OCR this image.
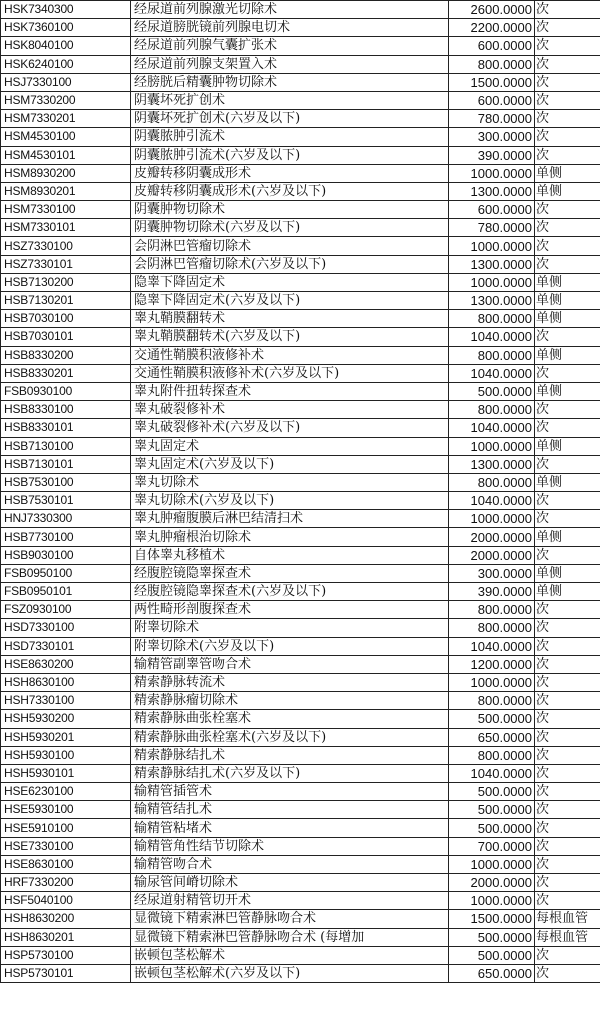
HSK7340300	经尿道前列腺激光切除术	2600.0000	次
HSK7360100	经尿道膀胱镜前列腺电切术	2200.0000	次
HSK8040100	经尿道前列腺气囊扩张术	600.0000	次
HSK6240100	经尿道前列腺支架置入术	800.0000	次
HSJ7330100	经膀胱后精囊肿物切除术	1500.0000	次
HSM7330200	阴囊坏死扩创术	600.0000	次
HSM7330201	阴囊坏死扩创术(六岁及以下)	780.0000	次
HSM4530100	阴囊脓肿引流术	300.0000	次
HSM4530101	阴囊脓肿引流术(六岁及以下)	390.0000	次
HSM8930200	皮瓣转移阴囊成形术	1000.0000	单侧
HSM8930201	皮瓣转移阴囊成形术(六岁及以下)	1300.0000	单侧
HSM7330100	阴囊肿物切除术	600.0000	次
HSM7330101	阴囊肿物切除术(六岁及以下)	780.0000	次
HSZ7330100	会阴淋巴管瘤切除术	1000.0000	次
HSZ7330101	会阴淋巴管瘤切除术(六岁及以下)	1300.0000	次
HSB7130200	隐睾下降固定术	1000.0000	单侧
HSB7130201	隐睾下降固定术(六岁及以下)	1300.0000	单侧
HSB7030100	睾丸鞘膜翻转术	800.0000	单侧
HSB7030101	睾丸鞘膜翻转术(六岁及以下)	1040.0000	次
HSB8330200	交通性鞘膜积液修补术	800.0000	单侧
HSB8330201	交通性鞘膜积液修补术(六岁及以下)	1040.0000	次
FSB0930100	睾丸附件扭转探查术	500.0000	单侧
HSB8330100	睾丸破裂修补术	800.0000	次
HSB8330101	睾丸破裂修补术(六岁及以下)	1040.0000	次
HSB7130100	睾丸固定术	1000.0000	单侧
HSB7130101	睾丸固定术(六岁及以下)	1300.0000	次
HSB7530100	睾丸切除术	800.0000	单侧
HSB7530101	睾丸切除术(六岁及以下)	1040.0000	次
HNJ7330300	睾丸肿瘤腹膜后淋巴结清扫术	1000.0000	次
HSB7730100	睾丸肿瘤根治切除术	2000.0000	单侧
HSB9030100	自体睾丸移植术	2000.0000	次
FSB0950100	经腹腔镜隐睾探查术	300.0000	单侧
FSB0950101	经腹腔镜隐睾探查术(六岁及以下)	390.0000	单侧
FSZ0930100	两性畸形剖腹探查术	800.0000	次
HSD7330100	附睾切除术	800.0000	次
HSD7330101	附睾切除术(六岁及以下)	1040.0000	次
HSE8630200	输精管副睾管吻合术	1200.0000	次
HSH8630100	精索静脉转流术	1000.0000	次
HSH7330100	精索静脉瘤切除术	800.0000	次
HSH5930200	精索静脉曲张栓塞术	500.0000	次
HSH5930201	精索静脉曲张栓塞术(六岁及以下)	650.0000	次
HSH5930100	精索静脉结扎术	800.0000	次
HSH5930101	精索静脉结扎术(六岁及以下)	1040.0000	次
HSE6230100	输精管插管术	500.0000	次
HSE5930100	输精管结扎术	500.0000	次
HSE5910100	输精管粘堵术	500.0000	次
HSE7330100	输精管角性结节切除术	700.0000	次
HSE8630100	输精管吻合术	1000.0000	次
HRF7330200	输尿管间嵴切除术	2000.0000	次
HSF5040100	经尿道射精管切开术	1000.0000	次
HSH8630200	显微镜下精索淋巴管静脉吻合术	1500.0000	每根血管
HSH8630201	显微镜下精索淋巴管静脉吻合术 (每增加	500.0000	每根血管
HSP5730100	嵌顿包茎松解术	500.0000	次
HSP5730101	嵌顿包茎松解术(六岁及以下)	650.0000	次
